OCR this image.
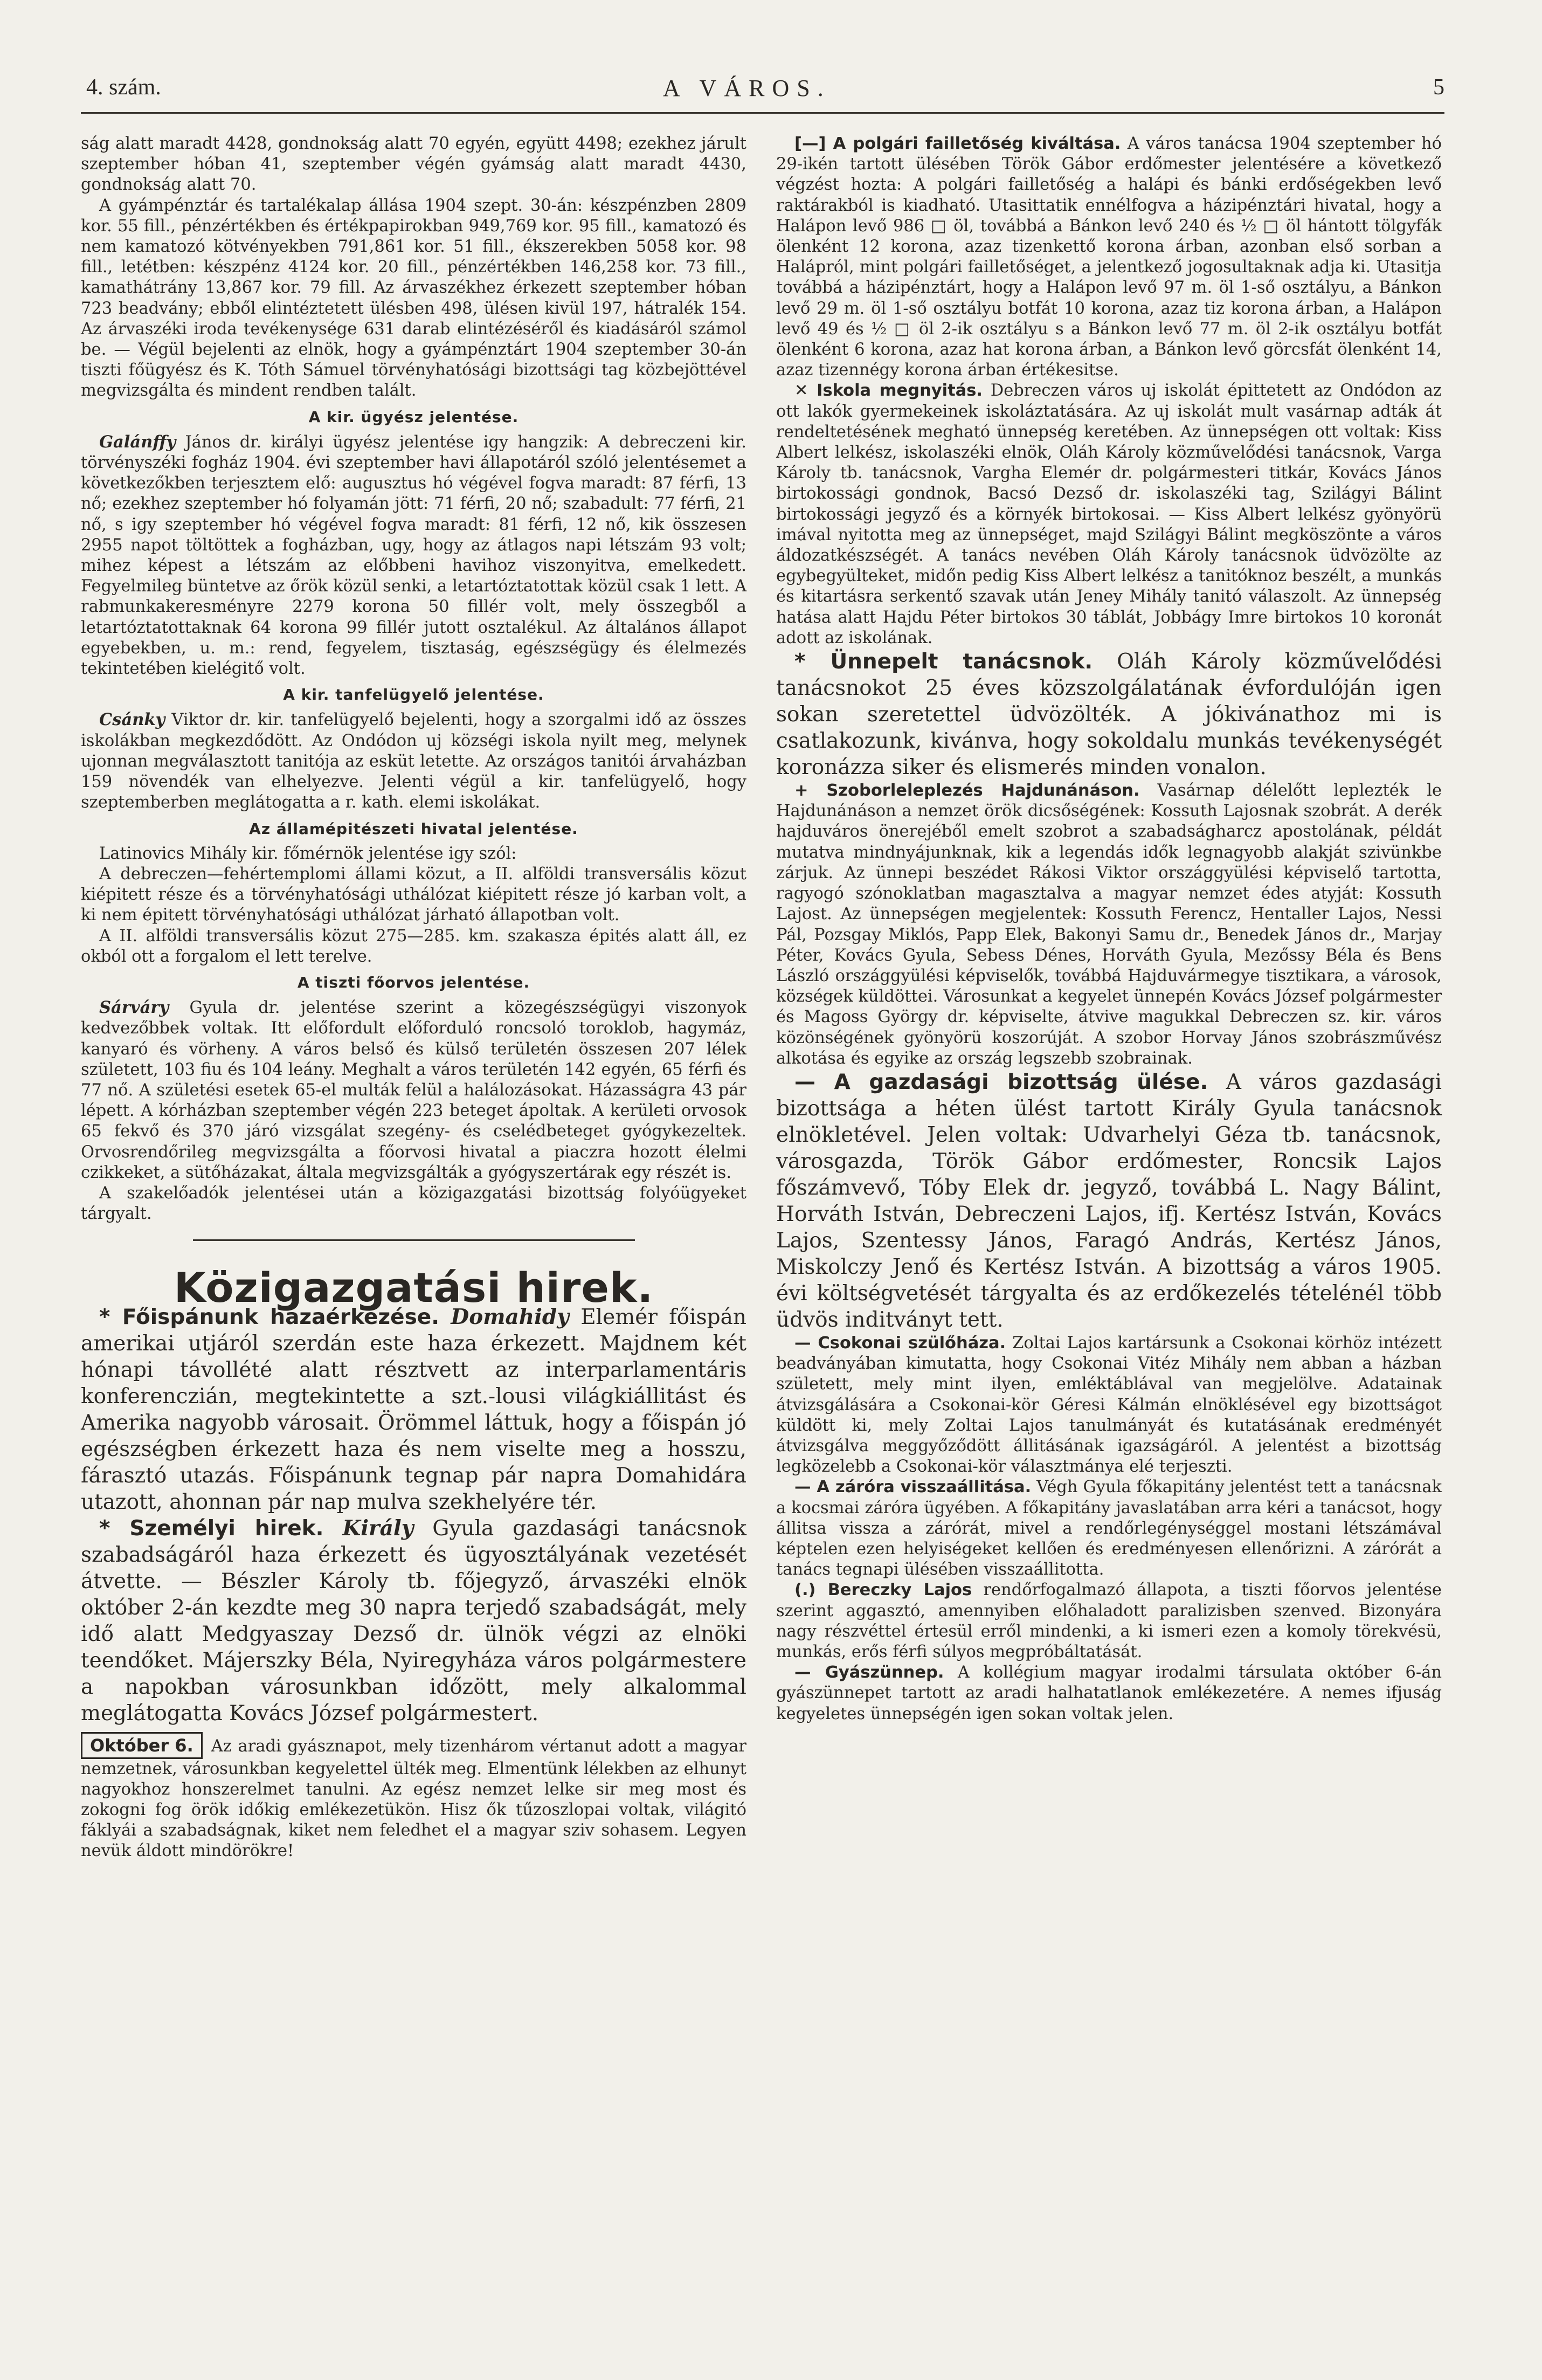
4. szám.	A VÁROS.	5

ság alatt maradt 4428, gondnokság alatt 70 egyén, együtt 4498; ezekhez járult szeptember hóban 41, szeptember végén gyámság alatt maradt 4430, gondnokság alatt 70.

A gyámpénztár és tartalékalap állása 1904 szept. 30-án: készpénzben 2809 kor. 55 fill., pénzértékben és értékpapirokban 949,769 kor. 95 fill., kamatozó és nem kamatozó kötvényekben 791,861 kor. 51 fill., ékszerekben 5058 kor. 98 fill., letétben: készpénz 4124 kor. 20 fill., pénzértékben 146,258 kor. 73 fill., kamathátrány 13,867 kor. 79 fill. Az árvaszékhez érkezett szeptember hóban 723 beadvány; ebből elintéztetett ülésben 498, ülésen kivül 197, hátralék 154. Az árvaszéki iroda tevékenysége 631 darab elintézéséről és kiadásáról számol be. — Végül bejelenti az elnök, hogy a gyámpénztárt 1904 szeptember 30-án tiszti főügyész és K. Tóth Sámuel törvényhatósági bizottsági tag közbejöttével megvizsgálta és mindent rendben talált.

A kir. ügyész jelentése.

Galánffy János dr. királyi ügyész jelentése igy hangzik: A debreczeni kir. törvényszéki fogház 1904. évi szeptember havi állapotáról szóló jelentésemet a következőkben terjesztem elő: augusztus hó végével fogva maradt: 87 férfi, 13 nő; ezekhez szeptember hó folyamán jött: 71 férfi, 20 nő; szabadult: 77 férfi, 21 nő, s igy szeptember hó végével fogva maradt: 81 férfi, 12 nő, kik összesen 2955 napot töltöttek a fogházban, ugy, hogy az átlagos napi létszám 93 volt; mihez képest a létszám az előbbeni havihoz viszonyitva, emelkedett. Fegyelmileg büntetve az őrök közül senki, a letartóztatottak közül csak 1 lett. A rabmunkakeresményre 2279 korona 50 fillér volt, mely összegből a letartóztatottaknak 64 korona 99 fillér jutott osztalékul. Az általános állapot egyebekben, u. m.: rend, fegyelem, tisztaság, egészségügy és élelmezés tekintetében kielégitő volt.

A kir. tanfelügyelő jelentése.

Csánky Viktor dr. kir. tanfelügyelő bejelenti, hogy a szorgalmi idő az összes iskolákban megkezdődött. Az Ondódon uj községi iskola nyilt meg, melynek ujonnan megválasztott tanitója az esküt letette. Az országos tanitói árvaházban 159 növendék van elhelyezve. Jelenti végül a kir. tanfelügyelő, hogy szeptemberben meglátogatta a r. kath. elemi iskolákat.

Az államépitészeti hivatal jelentése.

Latinovics Mihály kir. főmérnök jelentése igy szól:

A debreczen—fehértemplomi állami közut, a II. alföldi transversális közut kiépitett része és a törvényhatósági uthálózat kiépitett része jó karban volt, a ki nem épitett törvényhatósági uthálózat járható állapotban volt.

A II. alföldi transversális közut 275—285. km. szakasza épités alatt áll, ez okból ott a forgalom el lett terelve.

A tiszti főorvos jelentése.

Sárváry Gyula dr. jelentése szerint a közegészségügyi viszonyok kedvezőbbek voltak. Itt előfordult előforduló roncsoló toroklob, hagymáz, kanyaró és vörheny. A város belső és külső területén összesen 207 lélek született, 103 fiu és 104 leány. Meghalt a város területén 142 egyén, 65 férfi és 77 nő. A születési esetek 65-el multák felül a halálozásokat. Házasságra 43 pár lépett. A kórházban szeptember végén 223 beteget ápoltak. A kerületi orvosok 65 fekvő és 370 járó vizsgálat szegény- és cselédbeteget gyógykezeltek. Orvosrendőrileg megvizsgálta a főorvosi hivatal a piaczra hozott élelmi czikkeket, a sütőházakat, általa megvizsgálták a gyógyszertárak egy részét is.

A szakelőadók jelentései után a közigazgatási bizottság folyóügyeket tárgyalt.

Közigazgatási hirek.

* Főispánunk hazaérkezése. Domahidy Elemér főispán amerikai utjáról szerdán este haza érkezett. Majdnem két hónapi távollété alatt résztvett az interparlamentáris konferenczián, megtekintette a szt.-lousi világkiállitást és Amerika nagyobb városait. Örömmel láttuk, hogy a főispán jó egészségben érkezett haza és nem viselte meg a hosszu, fárasztó utazás. Főispánunk tegnap pár napra Domahidára utazott, ahonnan pár nap mulva szekhelyére tér.

* Személyi hirek. Király Gyula gazdasági tanácsnok szabadságáról haza érkezett és ügyosztályának vezetését átvette. — Bészler Károly tb. főjegyző, árvaszéki elnök október 2-án kezdte meg 30 napra terjedő szabadságát, mely idő alatt Medgyaszay Dezső dr. ülnök végzi az elnöki teendőket. Májerszky Béla, Nyiregyháza város polgármestere a napokban városunkban időzött, mely alkalommal meglátogatta Kovács József polgármestert.

Október 6. Az aradi gyásznapot, mely tizenhárom vértanut adott a magyar nemzetnek, városunkban kegyelettel ülték meg. Elmentünk lélekben az elhunyt nagyokhoz honszerelmet tanulni. Az egész nemzet lelke sir meg most és zokogni fog örök időkig emlékezetükön. Hisz ők tűzoszlopai voltak, világitó fáklyái a szabadságnak, kiket nem feledhet el a magyar sziv sohasem. Legyen nevük áldott mindörökre!

[—] A polgári failletőség kiváltása. A város tanácsa 1904 szeptember hó 29-ikén tartott ülésében Török Gábor erdőmester jelentésére a következő végzést hozta: A polgári failletőség a halápi és bánki erdőségekben levő raktárakból is kiadható. Utasittatik ennélfogva a házipénztári hivatal, hogy a Halápon levő 986 □ öl, továbbá a Bánkon levő 240 és ½ □ öl hántott tölgyfák ölenként 12 korona, azaz tizenkettő korona árban, azonban első sorban a Halápról, mint polgári failletőséget, a jelentkező jogosultaknak adja ki. Utasitja továbbá a házipénztárt, hogy a Halápon levő 97 m. öl 1-ső osztályu, a Bánkon levő 29 m. öl 1-ső osztályu botfát 10 korona, azaz tiz korona árban, a Halápon levő 49 és ½ □ öl 2-ik osztályu s a Bánkon levő 77 m. öl 2-ik osztályu botfát ölenként 6 korona, azaz hat korona árban, a Bánkon levő görcsfát ölenként 14, azaz tizennégy korona árban értékesitse.

✕ Iskola megnyitás. Debreczen város uj iskolát épittetett az Ondódon az ott lakók gyermekeinek iskoláztatására. Az uj iskolát mult vasárnap adták át rendeltetésének megható ünnepség keretében. Az ünnepségen ott voltak: Kiss Albert lelkész, iskolaszéki elnök, Oláh Károly közművelődési tanácsnok, Varga Károly tb. tanácsnok, Vargha Elemér dr. polgármesteri titkár, Kovács János birtokossági gondnok, Bacsó Dezső dr. iskolaszéki tag, Szilágyi Bálint birtokossági jegyző és a környék birtokosai. — Kiss Albert lelkész gyönyörü imával nyitotta meg az ünnepséget, majd Szilágyi Bálint megköszönte a város áldozatkészségét. A tanács nevében Oláh Károly tanácsnok üdvözölte az egybegyülteket, midőn pedig Kiss Albert lelkész a tanitóknoz beszélt, a munkás és kitartásra serkentő szavak után Jeney Mihály tanitó válaszolt. Az ünnepség hatása alatt Hajdu Péter birtokos 30 táblát, Jobbágy Imre birtokos 10 koronát adott az iskolának.

* Ünnepelt tanácsnok. Oláh Károly közművelődési tanácsnokot 25 éves közszolgálatának évfordulóján igen sokan szeretettel üdvözölték. A jókivánathoz mi is csatlakozunk, kivánva, hogy sokoldalu munkás tevékenységét koronázza siker és elismerés minden vonalon.

+ Szoborleleplezés Hajdunánáson. Vasárnap délelőtt leplezték le Hajdunánáson a nemzet örök dicsőségének: Kossuth Lajosnak szobrát. A derék hajduváros önerejéből emelt szobrot a szabadságharcz apostolának, példát mutatva mindnyájunknak, kik a legendás idők legnagyobb alakját szivünkbe zárjuk. Az ünnepi beszédet Rákosi Viktor országgyülési képviselő tartotta, ragyogó szónoklatban magasztalva a magyar nemzet édes atyját: Kossuth Lajost. Az ünnepségen megjelentek: Kossuth Ferencz, Hentaller Lajos, Nessi Pál, Pozsgay Miklós, Papp Elek, Bakonyi Samu dr., Benedek János dr., Marjay Péter, Kovács Gyula, Sebess Dénes, Horváth Gyula, Mezőssy Béla és Bens László országgyülési képviselők, továbbá Hajduvármegye tisztikara, a városok, községek küldöttei. Városunkat a kegyelet ünnepén Kovács József polgármester és Magoss György dr. képviselte, átvive magukkal Debreczen sz. kir. város közönségének gyönyörü koszorúját. A szobor Horvay János szobrászművész alkotása és egyike az ország legszebb szobrainak.

— A gazdasági bizottság ülése. A város gazdasági bizottsága a héten ülést tartott Király Gyula tanácsnok elnökletével. Jelen voltak: Udvarhelyi Géza tb. tanácsnok, városgazda, Török Gábor erdőmester, Roncsik Lajos főszámvevő, Tóby Elek dr. jegyző, továbbá L. Nagy Bálint, Horváth István, Debreczeni Lajos, ifj. Kertész István, Kovács Lajos, Szentessy János, Faragó András, Kertész János, Miskolczy Jenő és Kertész István. A bizottság a város 1905. évi költségvetését tárgyalta és az erdőkezelés tételénél több üdvös inditványt tett.

— Csokonai szülőháza. Zoltai Lajos kartársunk a Csokonai körhöz intézett beadványában kimutatta, hogy Csokonai Vitéz Mihály nem abban a házban született, mely mint ilyen, emléktáblával van megjelölve. Adatainak átvizsgálására a Csokonai-kör Géresi Kálmán elnöklésével egy bizottságot küldött ki, mely Zoltai Lajos tanulmányát és kutatásának eredményét átvizsgálva meggyőződött állitásának igazságáról. A jelentést a bizottság legközelebb a Csokonai-kör választmánya elé terjeszti.

— A záróra visszaállitása. Végh Gyula főkapitány jelentést tett a tanácsnak a kocsmai záróra ügyében. A főkapitány javaslatában arra kéri a tanácsot, hogy állitsa vissza a zárórát, mivel a rendőrlegénységgel mostani létszámával képtelen ezen helyiségeket kellően és eredményesen ellenőrizni. A zárórát a tanács tegnapi ülésében visszaállitotta.

(.) Bereczky Lajos rendőrfogalmazó állapota, a tiszti főorvos jelentése szerint aggasztó, amennyiben előhaladott paralizisben szenved. Bizonyára nagy részvéttel értesül erről mindenki, a ki ismeri ezen a komoly törekvésü, munkás, erős férfi súlyos megpróbáltatását.

— Gyászünnep. A kollégium magyar irodalmi társulata október 6-án gyászünnepet tartott az aradi halhatatlanok emlékezetére. A nemes ifjuság kegyeletes ünnepségén igen sokan voltak jelen.
